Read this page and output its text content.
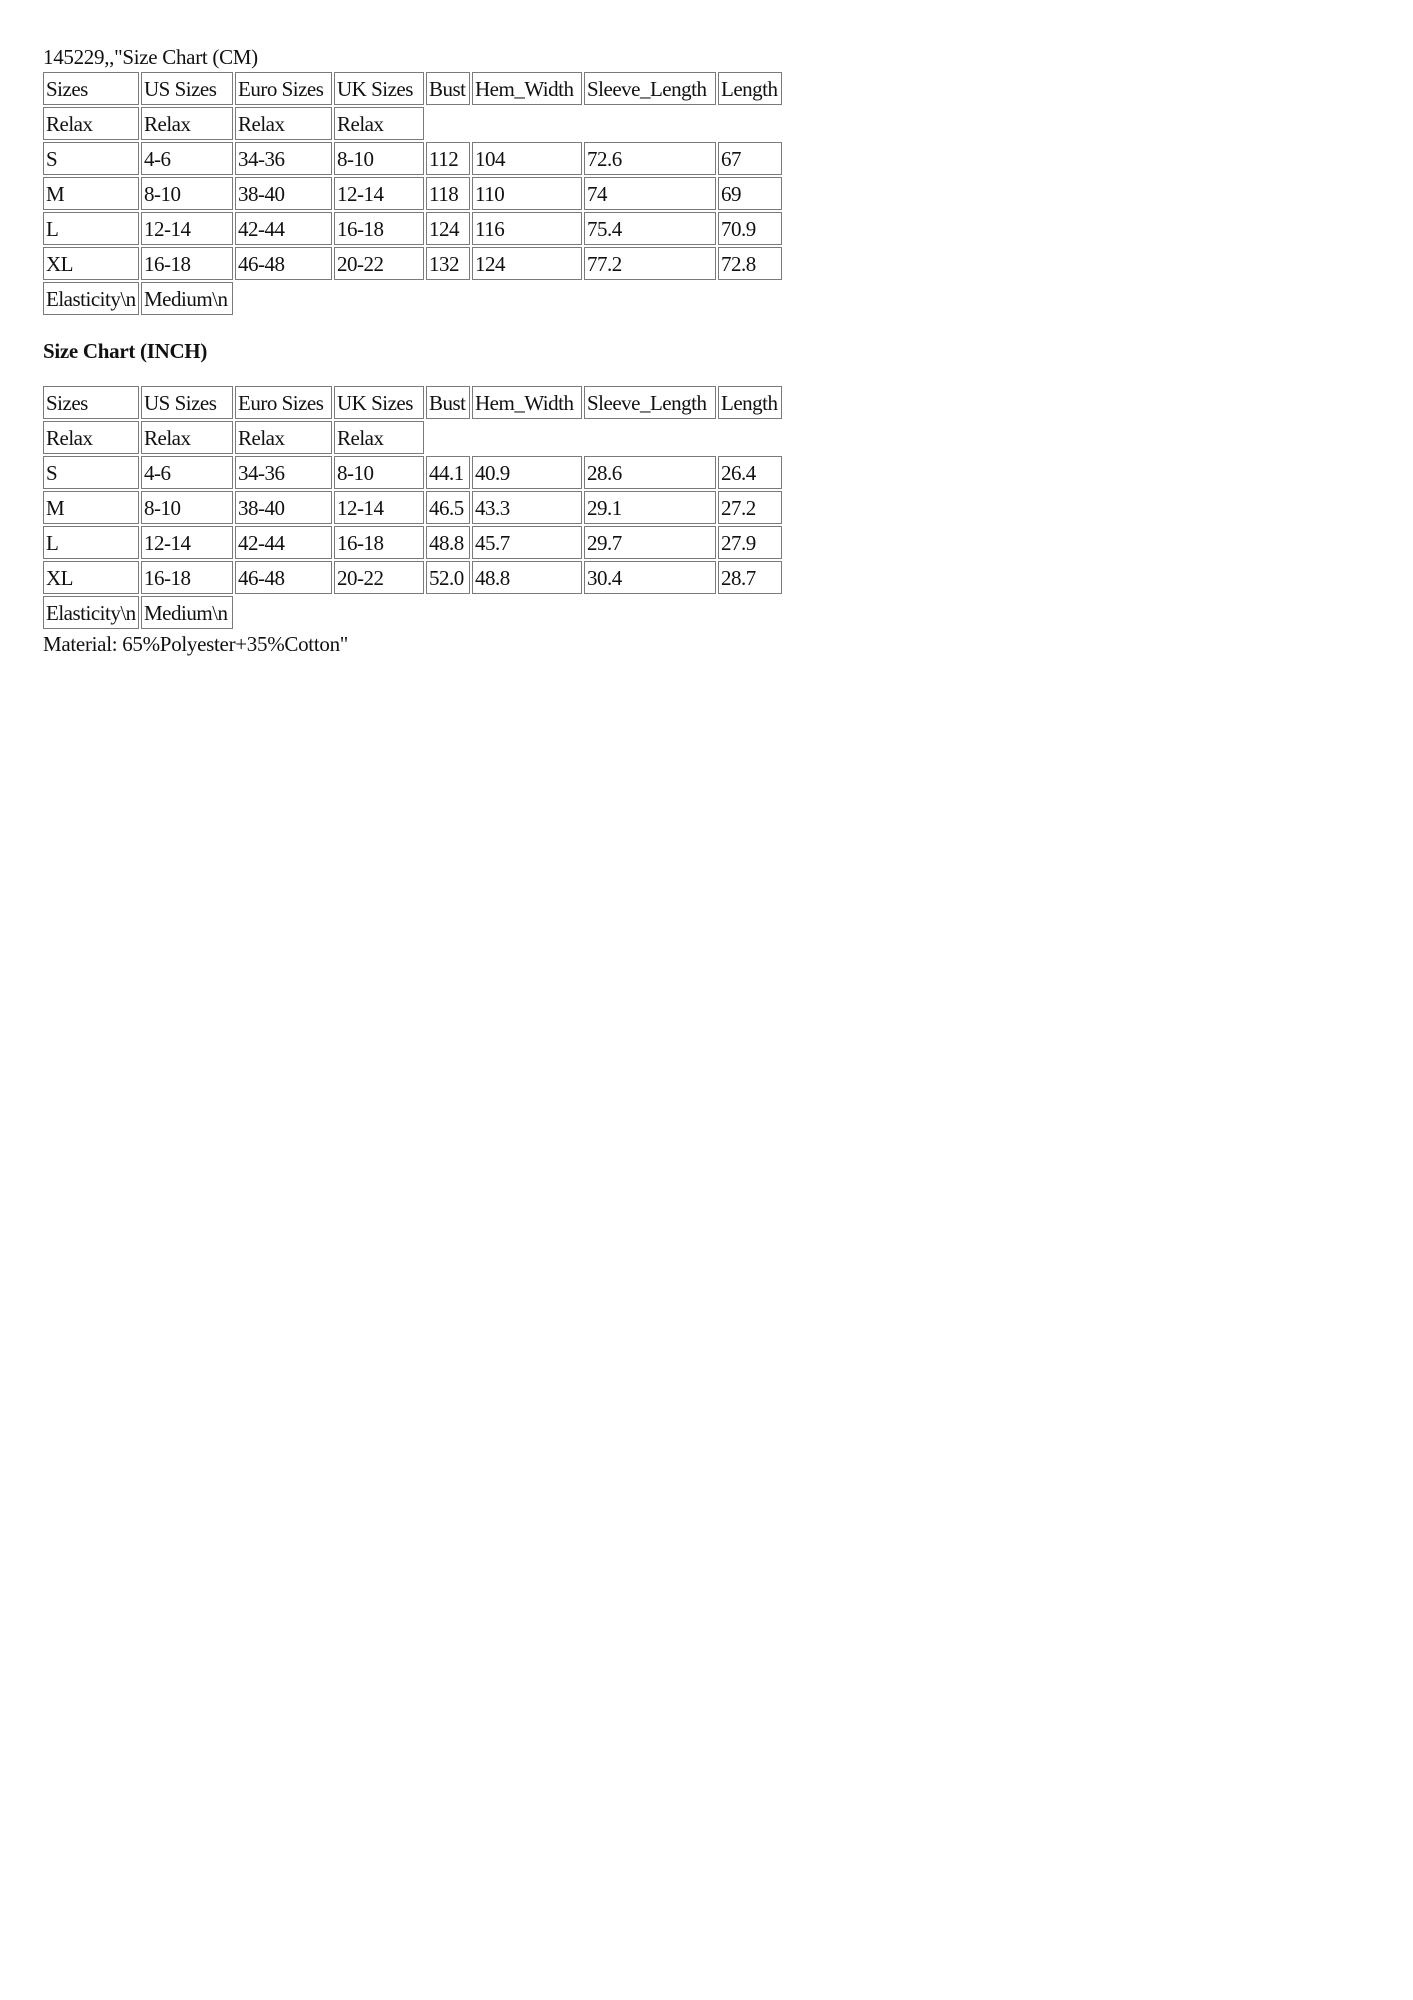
145229,,"Size Chart (CM)
Sizes	US Sizes	Euro Sizes	UK Sizes	Bust	Hem_Width	Sleeve_Length	Length
Relax	Relax	Relax	Relax				
S	4-6	34-36	8-10	112	104	72.6	67
M	8-10	38-40	12-14	118	110	74	69
L	12-14	42-44	16-18	124	116	75.4	70.9
XL	16-18	46-48	20-22	132	124	77.2	72.8
Elasticity\n	Medium\n						
Size Chart (INCH)
Sizes	US Sizes	Euro Sizes	UK Sizes	Bust	Hem_Width	Sleeve_Length	Length
Relax	Relax	Relax	Relax				
S	4-6	34-36	8-10	44.1	40.9	28.6	26.4
M	8-10	38-40	12-14	46.5	43.3	29.1	27.2
L	12-14	42-44	16-18	48.8	45.7	29.7	27.9
XL	16-18	46-48	20-22	52.0	48.8	30.4	28.7
Elasticity\n	Medium\n						
Material: 65%Polyester+35%Cotton"
